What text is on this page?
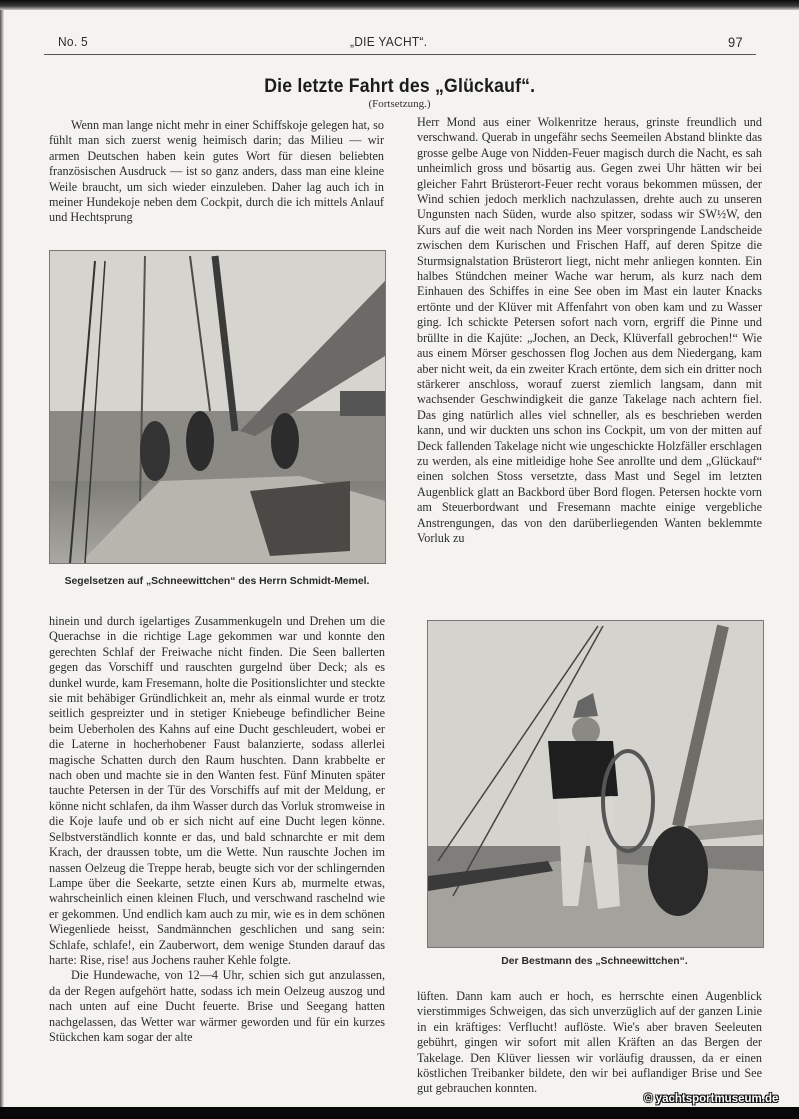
No. 5	„DIE YACHT“.	97
Die letzte Fahrt des „Glückauf“.
(Fortsetzung.)

Wenn man lange nicht mehr in einer Schiffskoje gelegen hat, so fühlt man sich zuerst wenig heimisch darin; das Milieu — wir armen Deutschen haben kein gutes Wort für diesen beliebten französischen Ausdruck — ist so ganz anders, dass man eine kleine Weile braucht, um sich wieder einzuleben. Daher lag auch ich in meiner Hundekoje neben dem Cockpit, durch die ich mittels Anlauf und Hechtsprung

Segelsetzen auf „Schneewittchen“ des Herrn Schmidt-Memel.

hinein und durch igelartiges Zusammenkugeln und Drehen um die Querachse in die richtige Lage gekommen war und konnte den gerechten Schlaf der Freiwache nicht finden. Die Seen ballerten gegen das Vorschiff und rauschten gurgelnd über Deck; als es dunkel wurde, kam Fresemann, holte die Positionslichter und steckte sie mit behäbiger Gründlichkeit an, mehr als einmal wurde er trotz seitlich gespreizter und in stetiger Kniebeuge befindlicher Beine beim Ueberholen des Kahns auf eine Ducht geschleudert, wobei er die Laterne in hocherhobener Faust balanzierte, sodass allerlei magische Schatten durch den Raum huschten. Dann krabbelte er nach oben und machte sie in den Wanten fest. Fünf Minuten später tauchte Petersen in der Tür des Vorschiffs auf mit der Meldung, er könne nicht schlafen, da ihm Wasser durch das Vorluk stromweise in die Koje laufe und ob er sich nicht auf eine Ducht legen könne. Selbstverständlich konnte er das, und bald schnarchte er mit dem Krach, der draussen tobte, um die Wette. Nun rauschte Jochen im nassen Oelzeug die Treppe herab, beugte sich vor der schlingernden Lampe über die Seekarte, setzte einen Kurs ab, murmelte etwas, wahrscheinlich einen kleinen Fluch, und verschwand raschelnd wie er gekommen. Und endlich kam auch zu mir, wie es in dem schönen Wiegenliede heisst, Sandmännchen geschlichen und sang sein: Schlafe, schlafe!, ein Zauberwort, dem wenige Stunden darauf das harte: Rise, rise! aus Jochens rauher Kehle folgte.

Die Hundewache, von 12—4 Uhr, schien sich gut anzulassen, da der Regen aufgehört hatte, sodass ich mein Oelzeug auszog und nach unten auf eine Ducht feuerte. Brise und Seegang hatten nachgelassen, das Wetter war wärmer geworden und für ein kurzes Stückchen kam sogar der alte

Herr Mond aus einer Wolkenritze heraus, grinste freundlich und verschwand. Querab in ungefähr sechs Seemeilen Abstand blinkte das grosse gelbe Auge von Nidden-Feuer magisch durch die Nacht, es sah unheimlich gross und bösartig aus. Gegen zwei Uhr hätten wir bei gleicher Fahrt Brüsterort-Feuer recht voraus bekommen müssen, der Wind schien jedoch merklich nachzulassen, drehte auch zu unseren Ungunsten nach Süden, wurde also spitzer, sodass wir SW½W, den Kurs auf die weit nach Norden ins Meer vorspringende Landscheide zwischen dem Kurischen und Frischen Haff, auf deren Spitze die Sturmsignalstation Brüsterort liegt, nicht mehr anliegen konnten. Ein halbes Stündchen meiner Wache war herum, als kurz nach dem Einhauen des Schiffes in eine See oben im Mast ein lauter Knacks ertönte und der Klüver mit Affenfahrt von oben kam und zu Wasser ging. Ich schickte Petersen sofort nach vorn, ergriff die Pinne und brüllte in die Kajüte: „Jochen, an Deck, Klüverfall gebrochen!“ Wie aus einem Mörser geschossen flog Jochen aus dem Niedergang, kam aber nicht weit, da ein zweiter Krach ertönte, dem sich ein dritter noch stärkerer anschloss, worauf zuerst ziemlich langsam, dann mit wachsender Geschwindigkeit die ganze Takelage nach achtern fiel. Das ging natürlich alles viel schneller, als es beschrieben werden kann, und wir duckten uns schon ins Cockpit, um von der mitten auf Deck fallenden Takelage nicht wie ungeschickte Holzfäller erschlagen zu werden, als eine mitleidige hohe See anrollte und dem „Glückauf“ einen solchen Stoss versetzte, dass Mast und Segel im letzten Augenblick glatt an Backbord über Bord flogen. Petersen hockte vorn am Steuerbordwant und Fresemann machte einige vergebliche Anstrengungen, das von den darüberliegenden Wanten beklemmte Vorluk zu

Der Bestmann des „Schneewittchen“.

lüften. Dann kam auch er hoch, es herrschte einen Augenblick vierstimmiges Schweigen, das sich unverzüglich auf der ganzen Linie in ein kräftiges: Verflucht! auflöste. Wie's aber braven Seeleuten gebührt, gingen wir sofort mit allen Kräften an das Bergen der Takelage. Den Klüver liessen wir vorläufig draussen, da er einen köstlichen Treibanker bildete, den wir bei auflandiger Brise und See gut gebrauchen konnten.

© yachtsportmuseum.de
